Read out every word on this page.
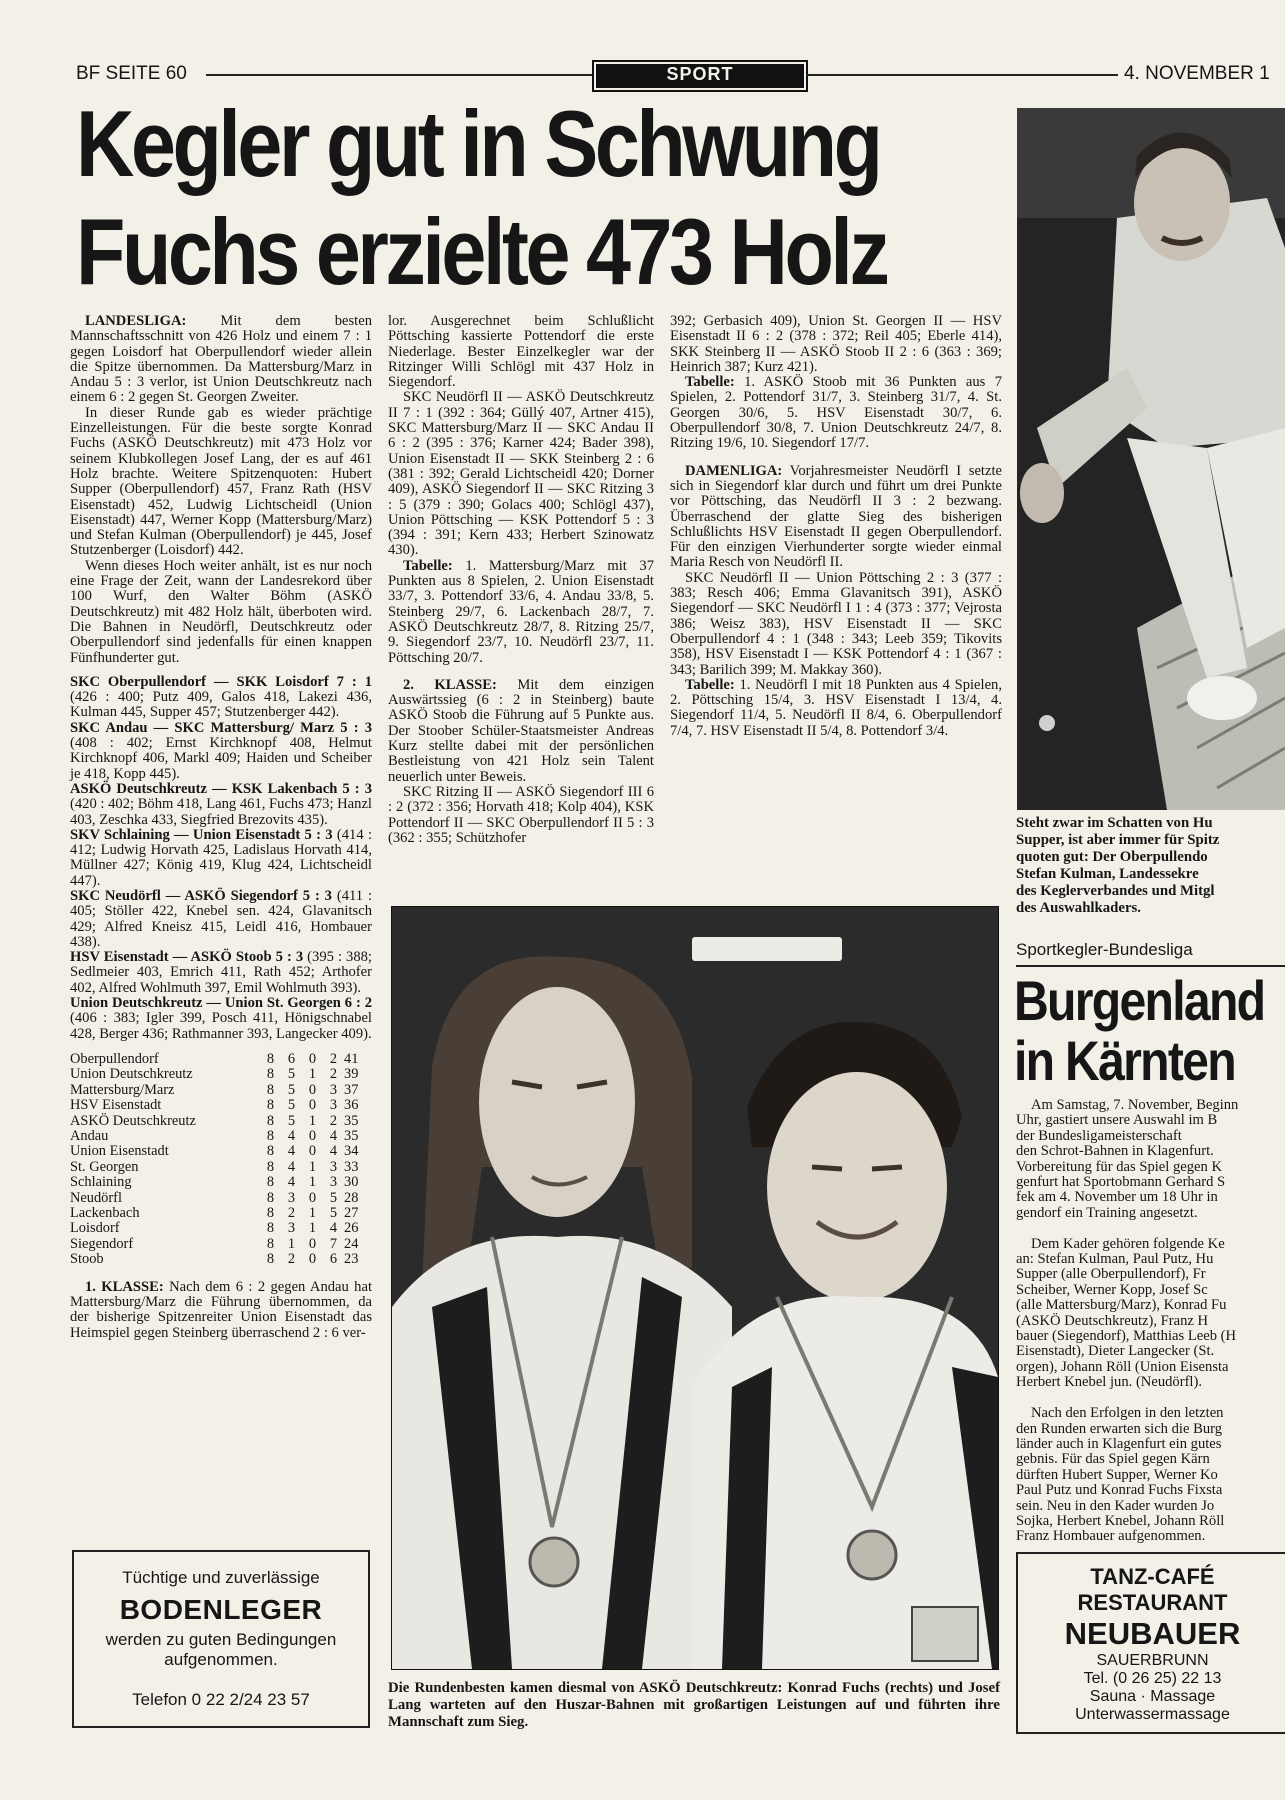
BF SEITE 60	SPORT	4. NOVEMBER 1
Kegler gut in Schwung
Fuchs erzielte 473 Holz

LANDESLIGA: Mit dem besten Mannschaftsschnitt von 426 Holz und einem 7 : 1 gegen Loisdorf hat Oberpullendorf wieder allein die Spitze übernommen. Da Mattersburg/Marz in Andau 5 : 3 verlor, ist Union Deutschkreutz nach einem 6 : 2 gegen St. Georgen Zweiter.

In dieser Runde gab es wieder prächtige Einzelleistungen. Für die beste sorgte Konrad Fuchs (ASKÖ Deutschkreutz) mit 473 Holz vor seinem Klubkollegen Josef Lang, der es auf 461 Holz brachte. Weitere Spitzenquoten: Hubert Supper (Oberpullendorf) 457, Franz Rath (HSV Eisenstadt) 452, Ludwig Lichtscheidl (Union Eisenstadt) 447, Werner Kopp (Mattersburg/Marz) und Stefan Kulman (Oberpullendorf) je 445, Josef Stutzenberger (Loisdorf) 442.

Wenn dieses Hoch weiter anhält, ist es nur noch eine Frage der Zeit, wann der Landesrekord über 100 Wurf, den Walter Böhm (ASKÖ Deutschkreutz) mit 482 Holz hält, überboten wird. Die Bahnen in Neudörfl, Deutschkreutz oder Oberpullendorf sind jedenfalls für einen knappen Fünfhunderter gut.

SKC Oberpullendorf — SKK Loisdorf 7 : 1 (426 : 400; Putz 409, Galos 418, Lakezi 436, Kulman 445, Supper 457; Stutzenberger 442).

SKC Andau — SKC Mattersburg/ Marz 5 : 3 (408 : 402; Ernst Kirchknopf 408, Helmut Kirchknopf 406, Markl 409; Haiden und Scheiber je 418, Kopp 445).

ASKÖ Deutschkreutz — KSK Lakenbach 5 : 3 (420 : 402; Böhm 418, Lang 461, Fuchs 473; Hanzl 403, Zeschka 433, Siegfried Brezovits 435).

SKV Schlaining — Union Eisenstadt 5 : 3 (414 : 412; Ludwig Horvath 425, Ladislaus Horvath 414, Müllner 427; König 419, Klug 424, Lichtscheidl 447).

SKC Neudörfl — ASKÖ Siegendorf 5 : 3 (411 : 405; Stöller 422, Knebel sen. 424, Glavanitsch 429; Alfred Kneisz 415, Leidl 416, Hombauer 438).

HSV Eisenstadt — ASKÖ Stoob 5 : 3 (395 : 388; Sedlmeier 403, Emrich 411, Rath 452; Arthofer 402, Alfred Wohlmuth 397, Emil Wohlmuth 393).

Union Deutschkreutz — Union St. Georgen 6 : 2 (406 : 383; Igler 399, Posch 411, Hönigschnabel 428, Berger 436; Rathmanner 393, Langecker 409).

Oberpullendorf	8	6	0	2	41
Union Deutschkreutz	8	5	1	2	39
Mattersburg/Marz	8	5	0	3	37
HSV Eisenstadt	8	5	0	3	36
ASKÖ Deutschkreutz	8	5	1	2	35
Andau	8	4	0	4	35
Union Eisenstadt	8	4	0	4	34
St. Georgen	8	4	1	3	33
Schlaining	8	4	1	3	30
Neudörfl	8	3	0	5	28
Lackenbach	8	2	1	5	27
Loisdorf	8	3	1	4	26
Siegendorf	8	1	0	7	24
Stoob	8	2	0	6	23

1. KLASSE: Nach dem 6 : 2 gegen Andau hat Mattersburg/Marz die Führung übernommen, da der bisherige Spitzenreiter Union Eisenstadt das Heimspiel gegen Steinberg überraschend 2 : 6 ver-

lor. Ausgerechnet beim Schlußlicht Pöttsching kassierte Pottendorf die erste Niederlage. Bester Einzelkegler war der Ritzinger Willi Schlögl mit 437 Holz in Siegendorf.

SKC Neudörfl II — ASKÖ Deutschkreutz II 7 : 1 (392 : 364; Güllý 407, Artner 415), SKC Mattersburg/Marz II — SKC Andau II 6 : 2 (395 : 376; Karner 424; Bader 398), Union Eisenstadt II — SKK Steinberg 2 : 6 (381 : 392; Gerald Lichtscheidl 420; Dorner 409), ASKÖ Siegendorf II — SKC Ritzing 3 : 5 (379 : 390; Golacs 400; Schlögl 437), Union Pöttsching — KSK Pottendorf 5 : 3 (394 : 391; Kern 433; Herbert Szinowatz 430).

Tabelle: 1. Mattersburg/Marz mit 37 Punkten aus 8 Spielen, 2. Union Eisenstadt 33/7, 3. Pottendorf 33/6, 4. Andau 33/8, 5. Steinberg 29/7, 6. Lackenbach 28/7, 7. ASKÖ Deutschkreutz 28/7, 8. Ritzing 25/7, 9. Siegendorf 23/7, 10. Neudörfl 23/7, 11. Pöttsching 20/7.

2. KLASSE: Mit dem einzigen Auswärtssieg (6 : 2 in Steinberg) baute ASKÖ Stoob die Führung auf 5 Punkte aus. Der Stoober Schüler-Staatsmeister Andreas Kurz stellte dabei mit der persönlichen Bestleistung von 421 Holz sein Talent neuerlich unter Beweis.

SKC Ritzing II — ASKÖ Siegendorf III 6 : 2 (372 : 356; Horvath 418; Kolp 404), KSK Pottendorf II — SKC Oberpullendorf II 5 : 3 (362 : 355; Schützhofer

392; Gerbasich 409), Union St. Georgen II — HSV Eisenstadt II 6 : 2 (378 : 372; Reil 405; Eberle 414), SKK Steinberg II — ASKÖ Stoob II 2 : 6 (363 : 369; Heinrich 387; Kurz 421).

Tabelle: 1. ASKÖ Stoob mit 36 Punkten aus 7 Spielen, 2. Pottendorf 31/7, 3. Steinberg 31/7, 4. St. Georgen 30/6, 5. HSV Eisenstadt 30/7, 6. Oberpullendorf 30/8, 7. Union Deutschkreutz 24/7, 8. Ritzing 19/6, 10. Siegendorf 17/7.

DAMENLIGA: Vorjahresmeister Neudörfl I setzte sich in Siegendorf klar durch und führt um drei Punkte vor Pöttsching, das Neudörfl II 3 : 2 bezwang. Überraschend der glatte Sieg des bisherigen Schlußlichts HSV Eisenstadt II gegen Oberpullendorf. Für den einzigen Vierhunderter sorgte wieder einmal Maria Resch von Neudörfl II.

SKC Neudörfl II — Union Pöttsching 2 : 3 (377 : 383; Resch 406; Emma Glavanitsch 391), ASKÖ Siegendorf — SKC Neudörfl I 1 : 4 (373 : 377; Vejrosta 386; Weisz 383), HSV Eisenstadt II — SKC Oberpullendorf 4 : 1 (348 : 343; Leeb 359; Tikovits 358), HSV Eisenstadt I — KSK Pottendorf 4 : 1 (367 : 343; Barilich 399; M. Makkay 360).

Tabelle: 1. Neudörfl I mit 18 Punkten aus 4 Spielen, 2. Pöttsching 15/4, 3. HSV Eisenstadt I 13/4, 4. Siegendorf 11/4, 5. Neudörfl II 8/4, 6. Oberpullendorf 7/4, 7. HSV Eisenstadt II 5/4, 8. Pottendorf 3/4.

Steht zwar im Schatten von Hu
Supper, ist aber immer für Spitz
quoten gut: Der Oberpullendo
Stefan Kulman, Landessekre
des Keglerverbandes und Mitgl
des Auswahlkaders.
Die Rundenbesten kamen diesmal von ASKÖ Deutschkreutz: Konrad Fuchs (rechts) und Josef Lang warteten auf den Huszar-Bahnen mit großartigen Leistungen auf und führten ihre Mannschaft zum Sieg.
Tüchtige und zuverlässige
BODENLEGER
werden zu guten Bedingungen
aufgenommen.
Telefon 0 22 2/24 23 57
Sportkegler-Bundesliga
Burgenland
in Kärnten
Am Samstag, 7. November, Beginn
Uhr, gastiert unsere Auswahl im B
der Bundesligameisterschaft
den Schrot-Bahnen in Klagenfurt.
Vorbereitung für das Spiel gegen K
genfurt hat Sportobmann Gerhard S
fek am 4. November um 18 Uhr in
gendorf ein Training angesetzt.
Dem Kader gehören folgende Ke
an: Stefan Kulman, Paul Putz, Hu
Supper (alle Oberpullendorf), Fr
Scheiber, Werner Kopp, Josef Sc
(alle Mattersburg/Marz), Konrad Fu
(ASKÖ Deutschkreutz), Franz H
bauer (Siegendorf), Matthias Leeb (H
Eisenstadt), Dieter Langecker (St.
orgen), Johann Röll (Union Eisensta
Herbert Knebel jun. (Neudörfl).
Nach den Erfolgen in den letzten
den Runden erwarten sich die Burg
länder auch in Klagenfurt ein gutes
gebnis. Für das Spiel gegen Kärn
dürften Hubert Supper, Werner Ko
Paul Putz und Konrad Fuchs Fixsta
sein. Neu in den Kader wurden Jo
Sojka, Herbert Knebel, Johann Röll
Franz Hombauer aufgenommen.
TANZ-CAFÉ
RESTAURANT
NEUBAUER
SAUERBRUNN
Tel. (0 26 25) 22 13
Sauna · Massage
Unterwassermassage
